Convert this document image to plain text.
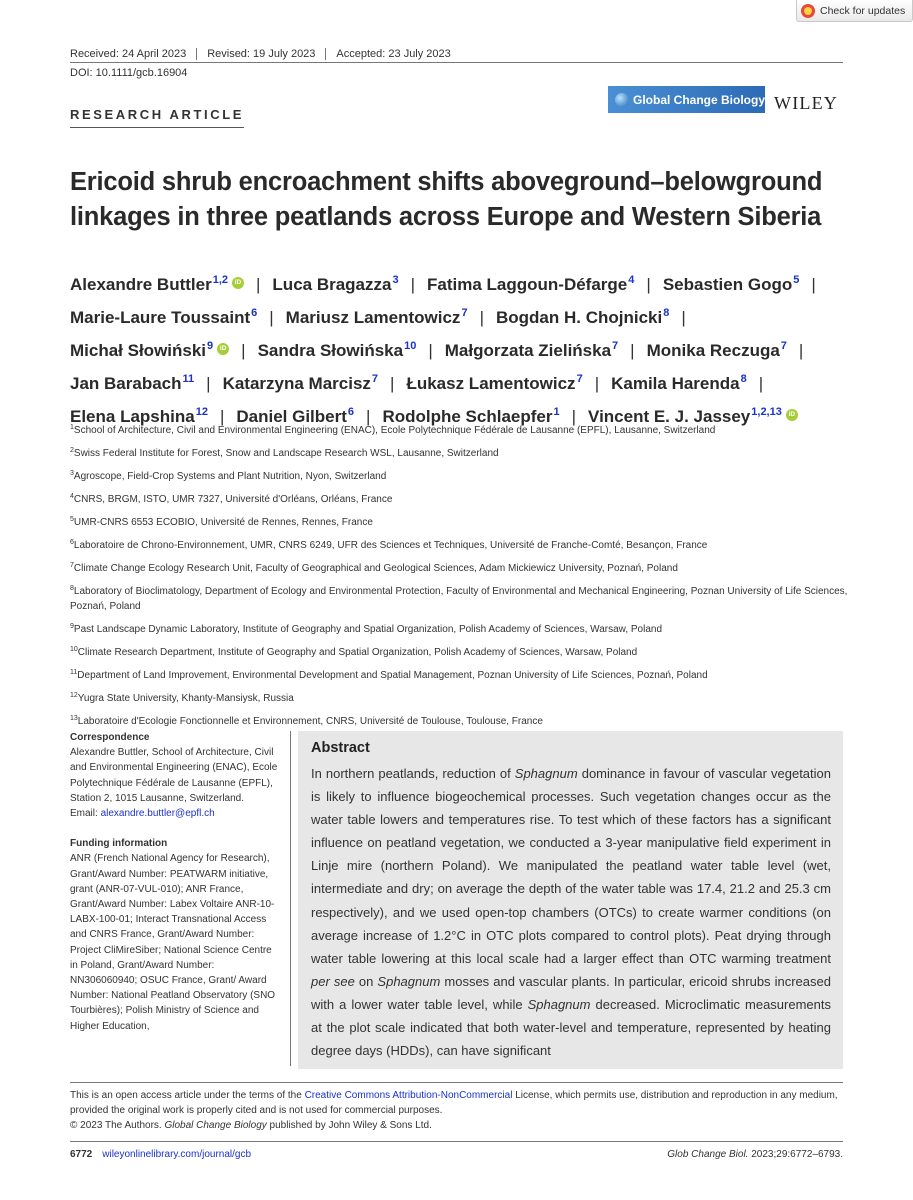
Check for updates
Received: 24 April 2023	Revised: 19 July 2023	Accepted: 23 July 2023
DOI: 10.1111/gcb.16904
RESEARCH ARTICLE
Global Change Biology WILEY
Ericoid shrub encroachment shifts aboveground–belowground
linkages in three peatlands across Europe and Western Siberia
Alexandre Buttler$^{1,2}$ iD | Luca Bragazza$^3$ | Fatima Laggoun-Défarge$^4$ | Sebastien Gogo$^5$ |
Marie-Laure Toussaint$^6$ | Mariusz Lamentowicz$^7$ | Bogdan H. Chojnicki$^8$ |
Michał Słowiński$^9$ iD | Sandra Słowińska$^{10}$ | Małgorzata Zielińska$^7$ | Monika Reczuga$^7$ |
Jan Barabach$^{11}$ | Katarzyna Marcisz$^7$ | Łukasz Lamentowicz$^7$ | Kamila Harenda$^8$ |
Elena Lapshina$^{12}$ | Daniel Gilbert$^6$ | Rodolphe Schlaepfer$^1$ | Vincent E. J. Jassey$^{1,2,13}$iD
$^1$School of Architecture, Civil and Environmental Engineering (ENAC), Ecole Polytechnique Fédérale de Lausanne (EPFL), Lausanne, Switzerland
$^2$Swiss Federal Institute for Forest, Snow and Landscape Research WSL, Lausanne, Switzerland
$^3$Agroscope, Field-Crop Systems and Plant Nutrition, Nyon, Switzerland
$^4$CNRS, BRGM, ISTO, UMR 7327, Université d'Orléans, Orléans, France
$^5$UMR-CNRS 6553 ECOBIO, Université de Rennes, Rennes, France
$^6$Laboratoire de Chrono-Environnement, UMR, CNRS 6249, UFR des Sciences et Techniques, Université de Franche-Comté, Besançon, France
$^7$Climate Change Ecology Research Unit, Faculty of Geographical and Geological Sciences, Adam Mickiewicz University, Poznań, Poland
$^8$Laboratory of Bioclimatology, Department of Ecology and Environmental Protection, Faculty of Environmental and Mechanical Engineering, Poznan University of Life Sciences, Poznań, Poland
$^9$Past Landscape Dynamic Laboratory, Institute of Geography and Spatial Organization, Polish Academy of Sciences, Warsaw, Poland
$^{10}$Climate Research Department, Institute of Geography and Spatial Organization, Polish Academy of Sciences, Warsaw, Poland
$^{11}$Department of Land Improvement, Environmental Development and Spatial Management, Poznan University of Life Sciences, Poznań, Poland
$^{12}$Yugra State University, Khanty-Mansiysk, Russia
$^{13}$Laboratoire d'Ecologie Fonctionnelle et Environnement, CNRS, Université de Toulouse, Toulouse, France
Correspondence
Alexandre Buttler, School of Architecture, Civil and Environmental Engineering (ENAC), Ecole Polytechnique Fédérale de Lausanne (EPFL), Station 2, 1015 Lausanne, Switzerland.
Email: alexandre.buttler@epfl.ch
Funding information
ANR (French National Agency for Research), Grant/Award Number: PEATWARM initiative, grant (ANR-07-VUL-010); ANR France, Grant/Award Number: Labex Voltaire ANR-10-LABX-100-01; Interact Transnational Access and CNRS France, Grant/Award Number: Project CliMireSiber; National Science Centre in Poland, Grant/Award Number: NN306060940; OSUC France, Grant/ Award Number: National Peatland Observatory (SNO Tourbières); Polish Ministry of Science and Higher Education,
Abstract
In northern peatlands, reduction of Sphagnum dominance in favour of vascular vegetation is likely to influence biogeochemical processes. Such vegetation changes occur as the water table lowers and temperatures rise. To test which of these factors has a significant influence on peatland vegetation, we conducted a 3-year manipulative field experiment in Linje mire (northern Poland). We manipulated the peatland water table level (wet, intermediate and dry; on average the depth of the water table was 17.4, 21.2 and 25.3 cm respectively), and we used open-top chambers (OTCs) to create warmer conditions (on average increase of 1.2°C in OTC plots compared to control plots). Peat drying through water table lowering at this local scale had a larger effect than OTC warming treatment per see on Sphagnum mosses and vascular plants. In particular, ericoid shrubs increased with a lower water table level, while Sphagnum decreased. Microclimatic measurements at the plot scale indicated that both water-level and temperature, represented by heating degree days (HDDs), can have significant
This is an open access article under the terms of the Creative Commons Attribution-NonCommercial License, which permits use, distribution and reproduction in any medium, provided the original work is properly cited and is not used for commercial purposes.
© 2023 The Authors. Global Change Biology published by John Wiley & Sons Ltd.
6772 wileyonlinelibrary.com/journal/gcb	Glob Change Biol. 2023;29:6772–6793.
